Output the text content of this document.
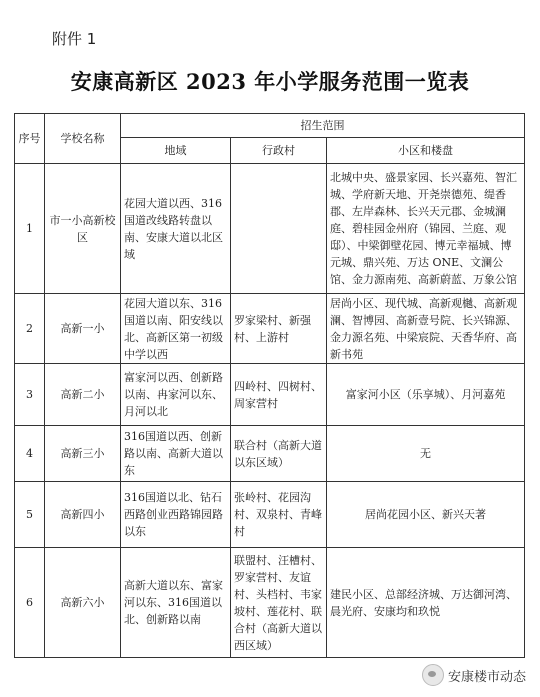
附件 1
安康高新区 2023 年小学服务范围一览表
序号	学校名称	招生范围		
		地域	行政村	小区和楼盘
1	市一小高新校区	花园大道以西、316国道改线路转盘以南、安康大道以北区域		北城中央、盛景家园、长兴嘉苑、智汇城、学府新天地、开尧崇德苑、缇香郡、左岸森林、长兴天元郡、金城澜庭、碧桂园金州府（锦园、兰庭、观邸）、中梁御壁花园、博元幸福城、博元城、鼎兴苑、万达 ONE、文澜公馆、金力源南苑、高新蔚蓝、万象公馆
2	高新一小	花园大道以东、316国道以南、阳安线以北、高新区第一初级中学以西	罗家梁村、新强村、上游村	居尚小区、现代城、高新观樾、高新观澜、智博园、高新壹号院、长兴锦源、金力源名苑、中梁宸院、天香华府、高新书苑
3	高新二小	富家河以西、创新路以南、冉家河以东、月河以北	四岭村、四树村、周家营村	富家河小区（乐享城）、月河嘉苑
4	高新三小	316国道以西、创新路以南、高新大道以东	联合村（高新大道以东区域）	无
5	高新四小	316国道以北、钻石西路创业西路锦园路以东	张岭村、花园沟村、双泉村、青峰村	居尚花园小区、新兴天著
6	高新六小	高新大道以东、富家河以东、316国道以北、创新路以南	联盟村、汪槽村、罗家营村、友谊村、头档村、韦家坡村、莲花村、联合村（高新大道以西区域）	建民小区、总部经济城、万达御河湾、晨光府、安康均和玖悦
安康楼市动态
